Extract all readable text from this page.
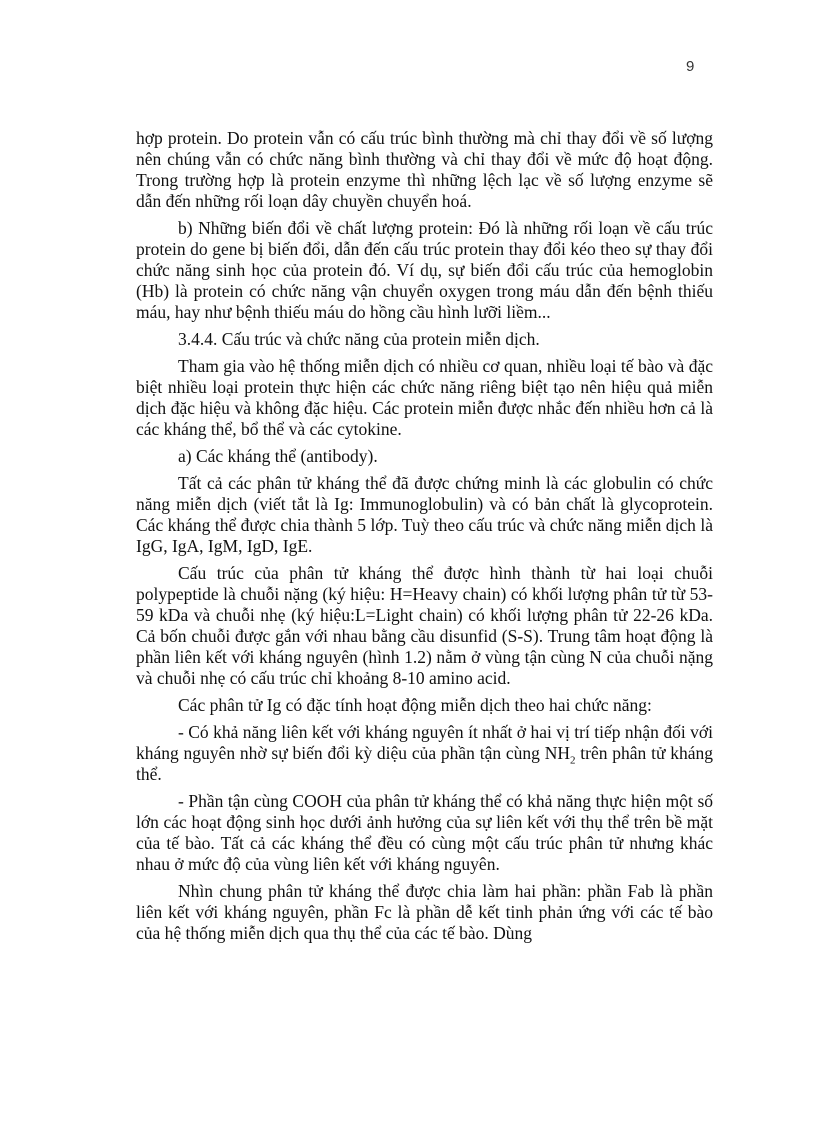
9

hợp protein. Do protein vẫn có cấu trúc bình thường mà chỉ thay đổi về số lượng nên chúng vẫn có chức năng bình thường và chỉ thay đổi về mức độ hoạt động. Trong trường hợp là protein enzyme thì những lệch lạc về số lượng enzyme sẽ dẫn đến những rối loạn dây chuyền chuyển hoá.

b) Những biến đổi về chất lượng protein: Đó là những rối loạn về cấu trúc protein do gene bị biến đổi, dẫn đến cấu trúc protein thay đổi kéo theo sự thay đổi chức năng sinh học của protein đó. Ví dụ, sự biến đổi cấu trúc của hemoglobin (Hb) là protein có chức năng vận chuyển oxygen trong máu dẫn đến bệnh thiếu máu, hay như bệnh thiếu máu do hồng cầu hình lưỡi liềm...

3.4.4. Cấu trúc và chức năng của protein miễn dịch.

Tham gia vào hệ thống miễn dịch có nhiều cơ quan, nhiều loại tế bào và đặc biệt nhiều loại protein thực hiện các chức năng riêng biệt tạo nên hiệu quả miễn dịch đặc hiệu và không đặc hiệu. Các protein miễn được nhắc đến nhiều hơn cả là các kháng thể, bổ thể và các cytokine.

a) Các kháng thể (antibody).

Tất cả các phân tử kháng thể đã được chứng minh là các globulin có chức năng miễn dịch (viết tắt là Ig: Immunoglobulin) và có bản chất là glycoprotein. Các kháng thể được chia thành 5 lớp. Tuỳ theo cấu trúc và chức năng miễn dịch là IgG, IgA, IgM, IgD, IgE.

Cấu trúc của phân tử kháng thể được hình thành từ hai loại chuỗi polypeptide là chuỗi nặng (ký hiệu: H=Heavy chain) có khối lượng phân tử từ 53-59 kDa và chuỗi nhẹ (ký hiệu:L=Light chain) có khối lượng phân tử 22-26 kDa. Cả bốn chuỗi được gắn với nhau bằng cầu disunfid (S-S). Trung tâm hoạt động là phần liên kết với kháng nguyên (hình 1.2) nằm ở vùng tận cùng N của chuỗi nặng và chuỗi nhẹ có cấu trúc chỉ khoảng 8-10 amino acid.

Các phân tử Ig có đặc tính hoạt động miễn dịch theo hai chức năng:

- Có khả năng liên kết với kháng nguyên ít nhất ở hai vị trí tiếp nhận đối với kháng nguyên nhờ sự biến đổi kỳ diệu của phần tận cùng $NH_2$ trên phân tử kháng thể.

- Phần tận cùng COOH của phân tử kháng thể có khả năng thực hiện một số lớn các hoạt động sinh học dưới ảnh hưởng của sự liên kết với thụ thể trên bề mặt của tế bào. Tất cả các kháng thể đều có cùng một cấu trúc phân tử nhưng khác nhau ở mức độ của vùng liên kết với kháng nguyên.

Nhìn chung phân tử kháng thể được chia làm hai phần: phần Fab là phần liên kết với kháng nguyên, phần Fc là phần dễ kết tinh phản ứng với các tế bào của hệ thống miễn dịch qua thụ thể của các tế bào. Dùng
